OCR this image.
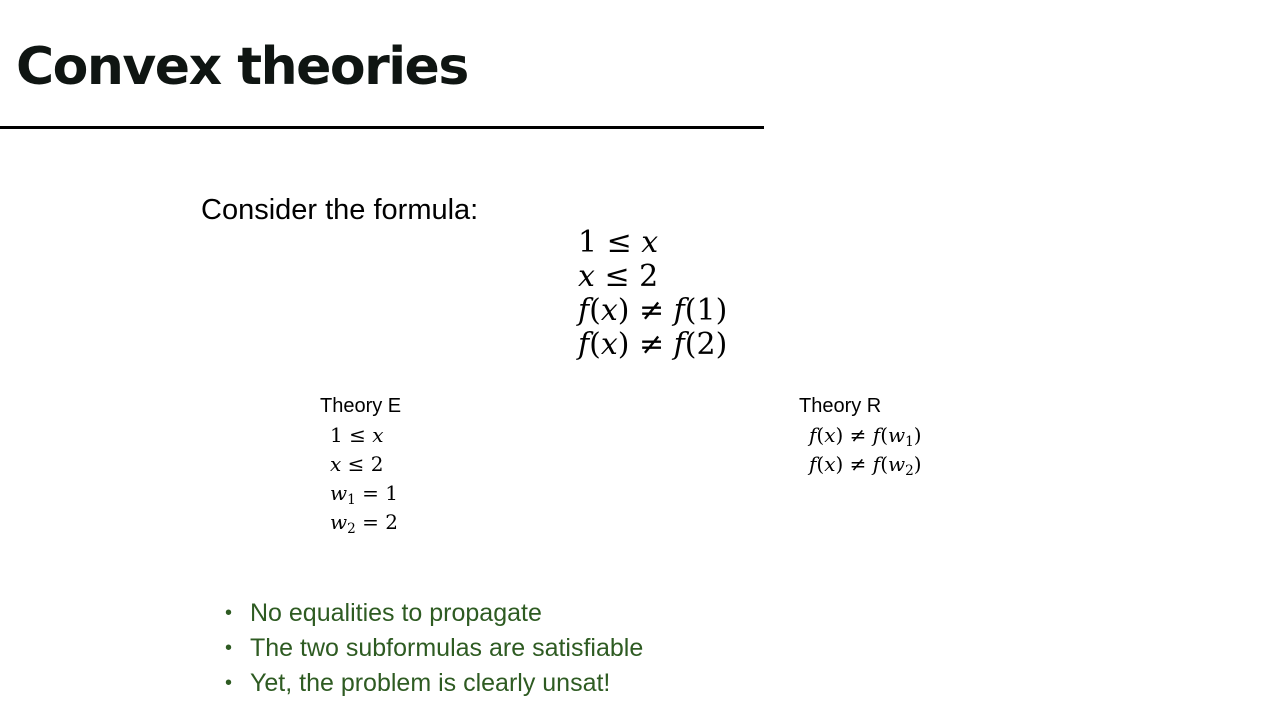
Convex theories
Consider the formula:
1 ≤ x
x ≤ 2
f(x) ≠ f(1)
f(x) ≠ f(2)
Theory E
1 ≤ x
x ≤ 2
$w_1 = 1$
$w_2 = 2$
Theory R
$f(x) \ne f(w_1)$
$f(x) \ne f(w_2)$
• No equalities to propagate
• The two subformulas are satisfiable
• Yet, the problem is clearly unsat!
